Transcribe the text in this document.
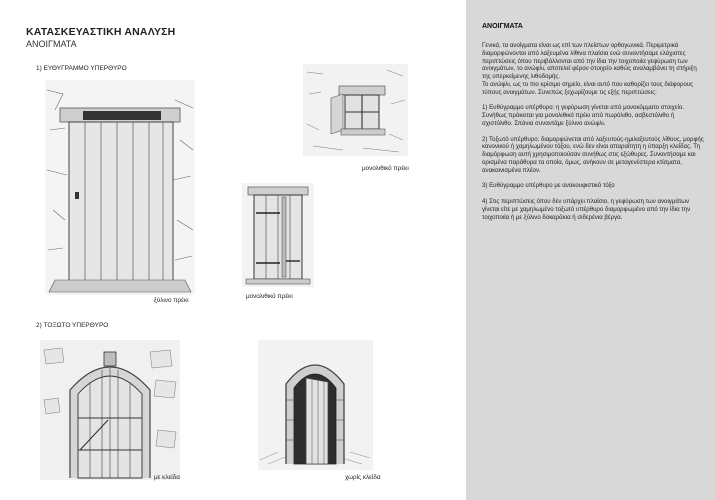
ΚΑΤΑΣΚΕΥΑΣΤΙΚΗ ΑΝΑΛΥΣΗ
ΑΝΟΙΓΜΑΤΑ
1) ΕΥΘΥΓΡΑΜΜΟ ΥΠΕΡΘΥΡΟ
ξύλινο πρέκι
μονολιθικό πρέκι
μονολιθικό πρέκι
2) ΤΟΞΩΤΟ ΥΠΕΡΘΥΡΟ
με κλείδα	χωρίς κλείδα
ΑΝΟΙΓΜΑΤΑ

Γενικά, τα ανοίγματα είναι ως επί των πλείστων ορθογωνικά. Περιμετρικά διαμορφώνονται από λαξευμένα λίθινα πλαίσια ενώ συναντήσαμε ελάχιστες περιπτώσεις όπου περιβάλλονται από την ίδια την τοιχοποιία γεφύρωση των ανοιγμάτων, το ανώφλι, αποτελεί φέρον στοιχείο καθώς αναλαμβάνει τη στήριξη της υπερκείμενης λιθοδομής.

Το ανώφλι, ως το πιο κρίσιμο σημείο, είναι αυτό που καθορίζει τους διάφορους τύπους ανοιγμάτων. Συνεπώς ξεχωρίζουμε τις εξής περιπτώσεις:

1) Ευθύγραμμο υπέρθυρο: η γεφύρωση γίνεται από μονοκόμματο στοιχείο. Συνήθως πρόκειται για μονολιθικό πρέκι από πωρόλιθο, ασβεστόλιθο ή σχιστόλιθο. Σπάνια συναντάμε ξύλινο ανώφλι.

2) Τοξωτό υπέρθυρο: διαμορφώνεται από λαξευτούς-ημιλαξευτούς λίθους, μορφής κανονικού ή χαμηλωμένου τόξου, ενώ δεν είναι απαραίτητη η ύπαρξη κλείδας. Τη διαμόρφωση αυτή χρησιμοποιούσαν συνήθως στις εξώθυρες. Συναντήσαμε και ορισμένα παράθυρα τα οποία, όμως, ανήκουν σε μεταγενέστερα κτίσματα, ανακαινισμένα πλέον.

3) Ευθύγραμμο υπέρθυρο με ανακουφιστικό τόξο

4) Στις περιπτώσεις όπου δεν υπάρχει πλαίσιο, η γεφύρωση των ανοιγμάτων γίνεται είτε με χαμηλωμένο τοξωτό υπέρθυρο διαμορφωμένο από την ίδια την τοιχοποιία ή με ξύλινο δοκαράκια ή σιδερένια βέργα.
